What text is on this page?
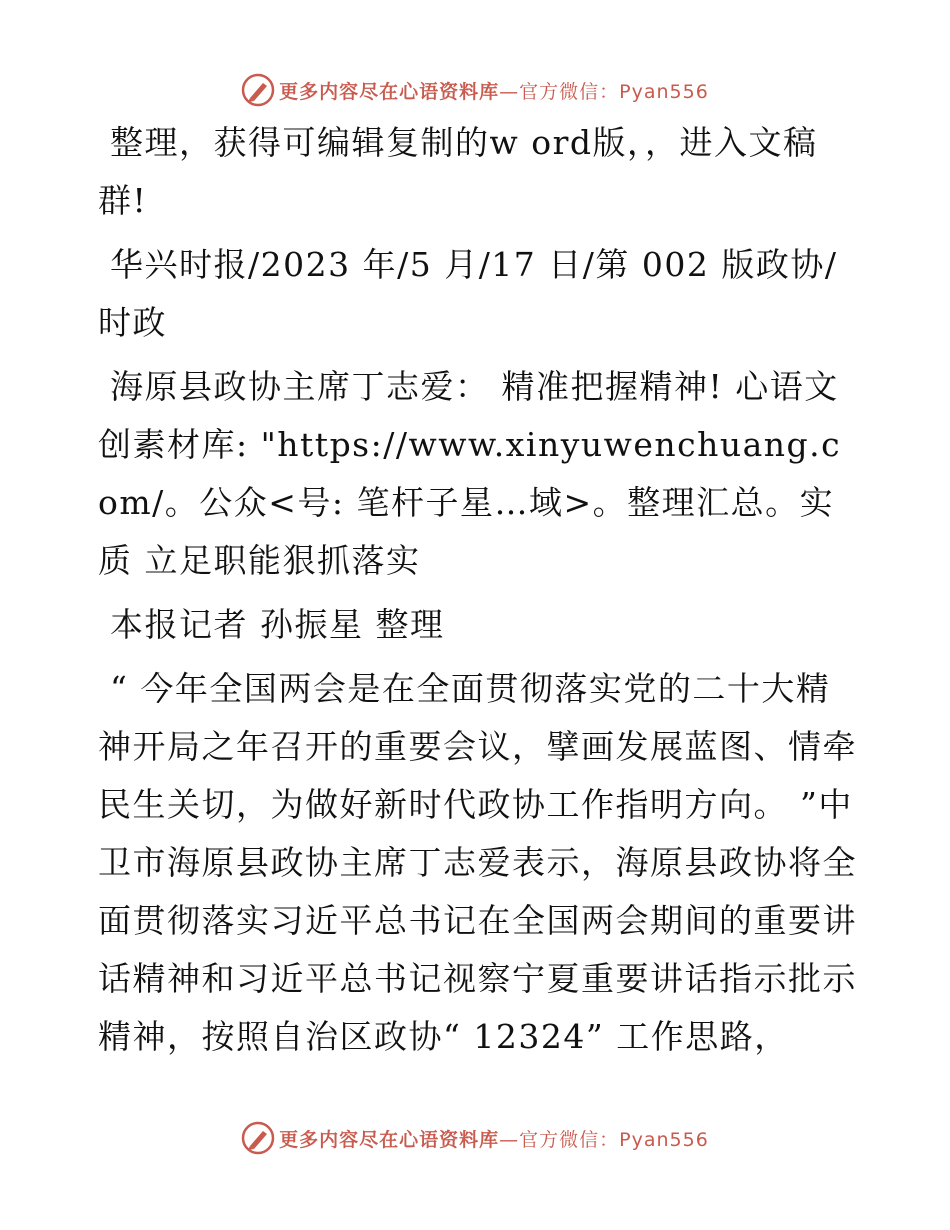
更多内容尽在心语资料库—官方微信：Pyan556

整理，获得可编辑复制的w ord版，，进入文稿群!

华兴时报/2023 年/5 月/17 日/第 002 版政协/时政

海原县政协主席丁志爱： 精准把握精神! 心语文创素材库: "https://www.xinyuwenchuang.com/。公众<号: 笔杆子星…域>。整理汇总。实质 立足职能狠抓落实

本报记者 孙振星 整理

“ 今年全国两会是在全面贯彻落实党的二十大精神开局之年召开的重要会议，擘画发展蓝图、情牵民生关切，为做好新时代政协工作指明方向。 ”中卫市海原县政协主席丁志爱表示，海原县政协将全面贯彻落实习近平总书记在全国两会期间的重要讲话精神和习近平总书记视察宁夏重要讲话指示批示精神，按照自治区政协“ 12324” 工作思路，

更多内容尽在心语资料库—官方微信：Pyan556
